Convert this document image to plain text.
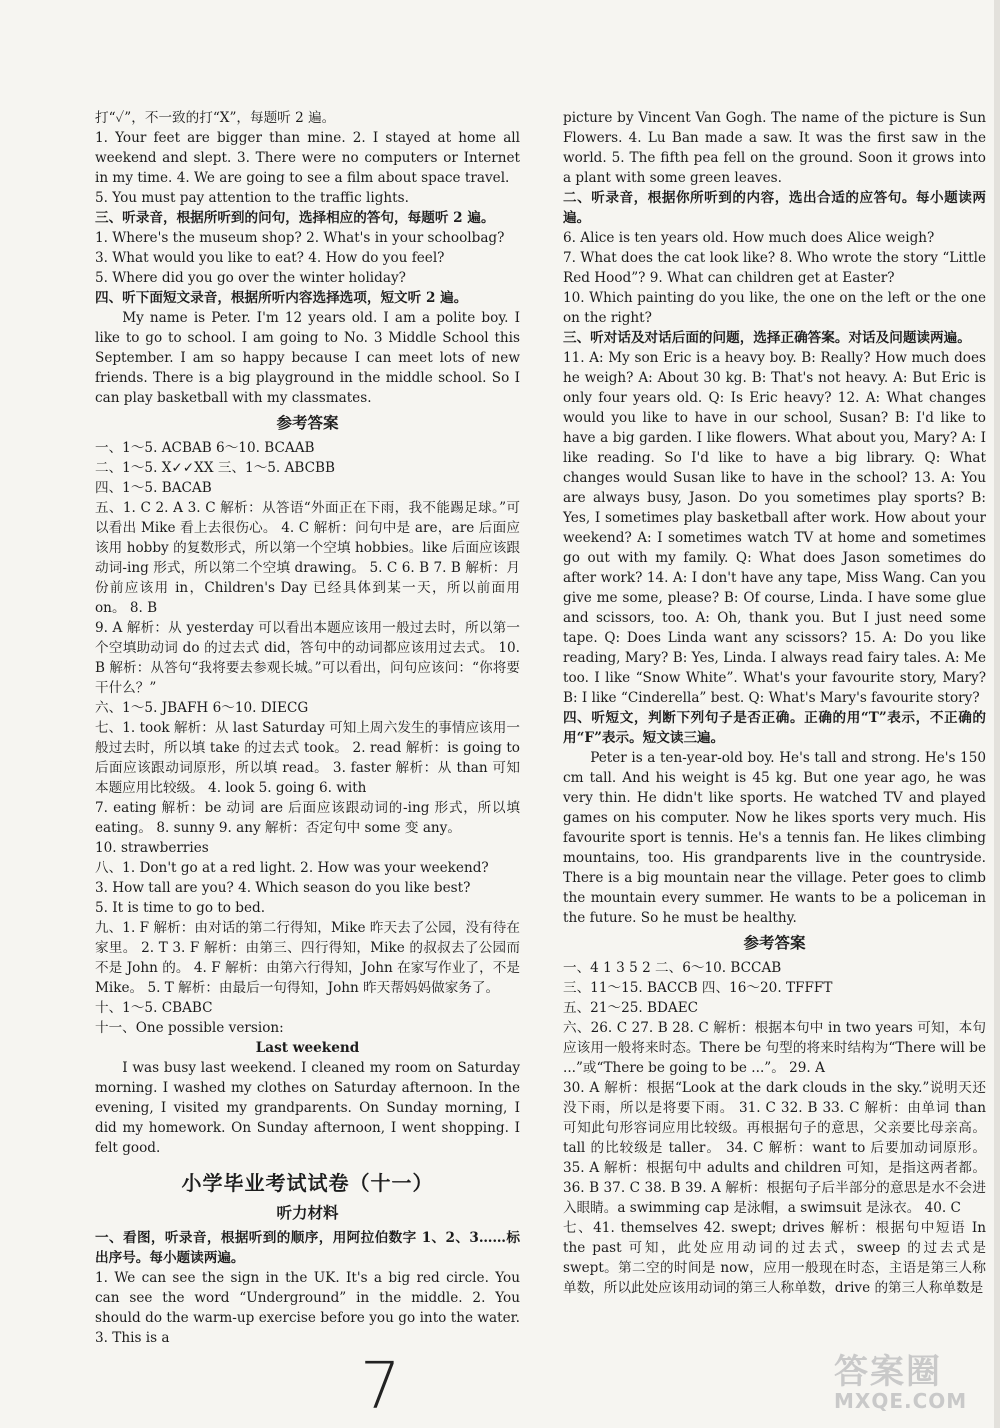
打“✓”，不一致的打“X”，每题听 2 遍。

1. Your feet are bigger than mine. 2. I stayed at home all weekend and slept. 3. There were no computers or Internet in my time. 4. We are going to see a film about space travel.

5. You must pay attention to the traffic lights.

三、听录音，根据所听到的问句，选择相应的答句，每题听 2 遍。

1. Where's the museum shop? 2. What's in your schoolbag?

3. What would you like to eat? 4. How do you feel?

5. Where did you go over the winter holiday?

四、听下面短文录音，根据所听内容选择选项，短文听 2 遍。

My name is Peter. I'm 12 years old. I am a polite boy. I like to go to school. I am going to No. 3 Middle School this September. I am so happy because I can meet lots of new friends. There is a big playground in the middle school. So I can play basketball with my classmates.

参考答案

一、1～5. ACBAB 6～10. BCAAB

二、1～5. X✓✓XX 三、1～5. ABCBB

四、1～5. BACAB

五、1. C 2. A 3. C 解析：从答语“外面正在下雨，我不能踢足球。”可以看出 Mike 看上去很伤心。 4. C 解析：问句中是 are，are 后面应该用 hobby 的复数形式，所以第一个空填 hobbies。like 后面应该跟动词-ing 形式，所以第二个空填 drawing。 5. C 6. B 7. B 解析：月份前应该用 in，Children's Day 已经具体到某一天，所以前面用 on。 8. B

9. A 解析：从 yesterday 可以看出本题应该用一般过去时，所以第一个空填助动词 do 的过去式 did，答句中的动词都应该用过去式。 10. B 解析：从答句“我将要去参观长城。”可以看出，问句应该问：“你将要干什么？”

六、1～5. JBAFH 6～10. DIECG

七、1. took 解析：从 last Saturday 可知上周六发生的事情应该用一般过去时，所以填 take 的过去式 took。 2. read 解析：is going to 后面应该跟动词原形，所以填 read。 3. faster 解析：从 than 可知本题应用比较级。 4. look 5. going 6. with

7. eating 解析：be 动词 are 后面应该跟动词的-ing 形式，所以填 eating。 8. sunny 9. any 解析：否定句中 some 变 any。

10. strawberries

八、1. Don't go at a red light. 2. How was your weekend?

3. How tall are you? 4. Which season do you like best?

5. It is time to go to bed.

九、1. F 解析：由对话的第二行得知，Mike 昨天去了公园，没有待在家里。 2. T 3. F 解析：由第三、四行得知，Mike 的叔叔去了公园而不是 John 的。 4. F 解析：由第六行得知，John 在家写作业了，不是 Mike。 5. T 解析：由最后一句得知，John 昨天帮妈妈做家务了。

十、1～5. CBABC

十一、One possible version:

Last weekend

I was busy last weekend. I cleaned my room on Saturday morning. I washed my clothes on Saturday afternoon. In the evening, I visited my grandparents. On Sunday morning, I did my homework. On Sunday afternoon, I went shopping. I felt good.

小学毕业考试试卷（十一）

听力材料

一、看图，听录音，根据听到的顺序，用阿拉伯数字 1、2、3……标出序号。每小题读两遍。

1. We can see the sign in the UK. It's a big red circle. You can see the word “Underground” in the middle. 2. You should do the warm-up exercise before you go into the water. 3. This is a

picture by Vincent Van Gogh. The name of the picture is Sun Flowers. 4. Lu Ban made a saw. It was the first saw in the world. 5. The fifth pea fell on the ground. Soon it grows into a plant with some green leaves.

二、听录音，根据你所听到的内容，选出合适的应答句。每小题读两遍。

6. Alice is ten years old. How much does Alice weigh?

7. What does the cat look like? 8. Who wrote the story “Little Red Hood”? 9. What can children get at Easter?

10. Which painting do you like, the one on the left or the one on the right?

三、听对话及对话后面的问题，选择正确答案。对话及问题读两遍。

11. A: My son Eric is a heavy boy. B: Really? How much does he weigh? A: About 30 kg. B: That's not heavy. A: But Eric is only four years old. Q: Is Eric heavy? 12. A: What changes would you like to have in our school, Susan? B: I'd like to have a big garden. I like flowers. What about you, Mary? A: I like reading. So I'd like to have a big library. Q: What changes would Susan like to have in the school? 13. A: You are always busy, Jason. Do you sometimes play sports? B: Yes, I sometimes play basketball after work. How about your weekend? A: I sometimes watch TV at home and sometimes go out with my family. Q: What does Jason sometimes do after work? 14. A: I don't have any tape, Miss Wang. Can you give me some, please? B: Of course, Linda. I have some glue and scissors, too. A: Oh, thank you. But I just need some tape. Q: Does Linda want any scissors? 15. A: Do you like reading, Mary? B: Yes, Linda. I always read fairy tales. A: Me too. I like “Snow White”. What's your favourite story, Mary? B: I like “Cinderella” best. Q: What's Mary's favourite story?

四、听短文，判断下列句子是否正确。正确的用“T”表示，不正确的用“F”表示。短文读三遍。

Peter is a ten-year-old boy. He's tall and strong. He's 150 cm tall. And his weight is 45 kg. But one year ago, he was very thin. He didn't like sports. He watched TV and played games on his computer. Now he likes sports very much. His favourite sport is tennis. He's a tennis fan. He likes climbing mountains, too. His grandparents live in the countryside. There is a big mountain near the village. Peter goes to climb the mountain every summer. He wants to be a policeman in the future. So he must be healthy.

参考答案

一、4 1 3 5 2 二、6～10. BCCAB

三、11～15. BACCB 四、16～20. TFFFT

五、21～25. BDAEC

六、26. C 27. B 28. C 解析：根据本句中 in two years 可知，本句应该用一般将来时态。There be 句型的将来时结构为“There will be ...”或“There be going to be ...”。 29. A

30. A 解析：根据“Look at the dark clouds in the sky.”说明天还没下雨，所以是将要下雨。 31. C 32. B 33. C 解析：由单词 than 可知此句形容词应用比较级。再根据句子的意思，父亲要比母亲高。tall 的比较级是 taller。 34. C 解析：want to 后要加动词原形。 35. A 解析：根据句中 adults and children 可知，是指这两者都。 36. B 37. C 38. B 39. A 解析：根据句子后半部分的意思是水不会进入眼睛。a swimming cap 是泳帽，a swimsuit 是泳衣。 40. C

七、41. themselves 42. swept; drives 解析：根据句中短语 In the past 可知，此处应用动词的过去式，sweep 的过去式是 swept。第二空的时间是 now，应用一般现在时态，主语是第三人称单数，所以此处应该用动词的第三人称单数，drive 的第三人称单数是

7	答案圈
MXQE.COM
